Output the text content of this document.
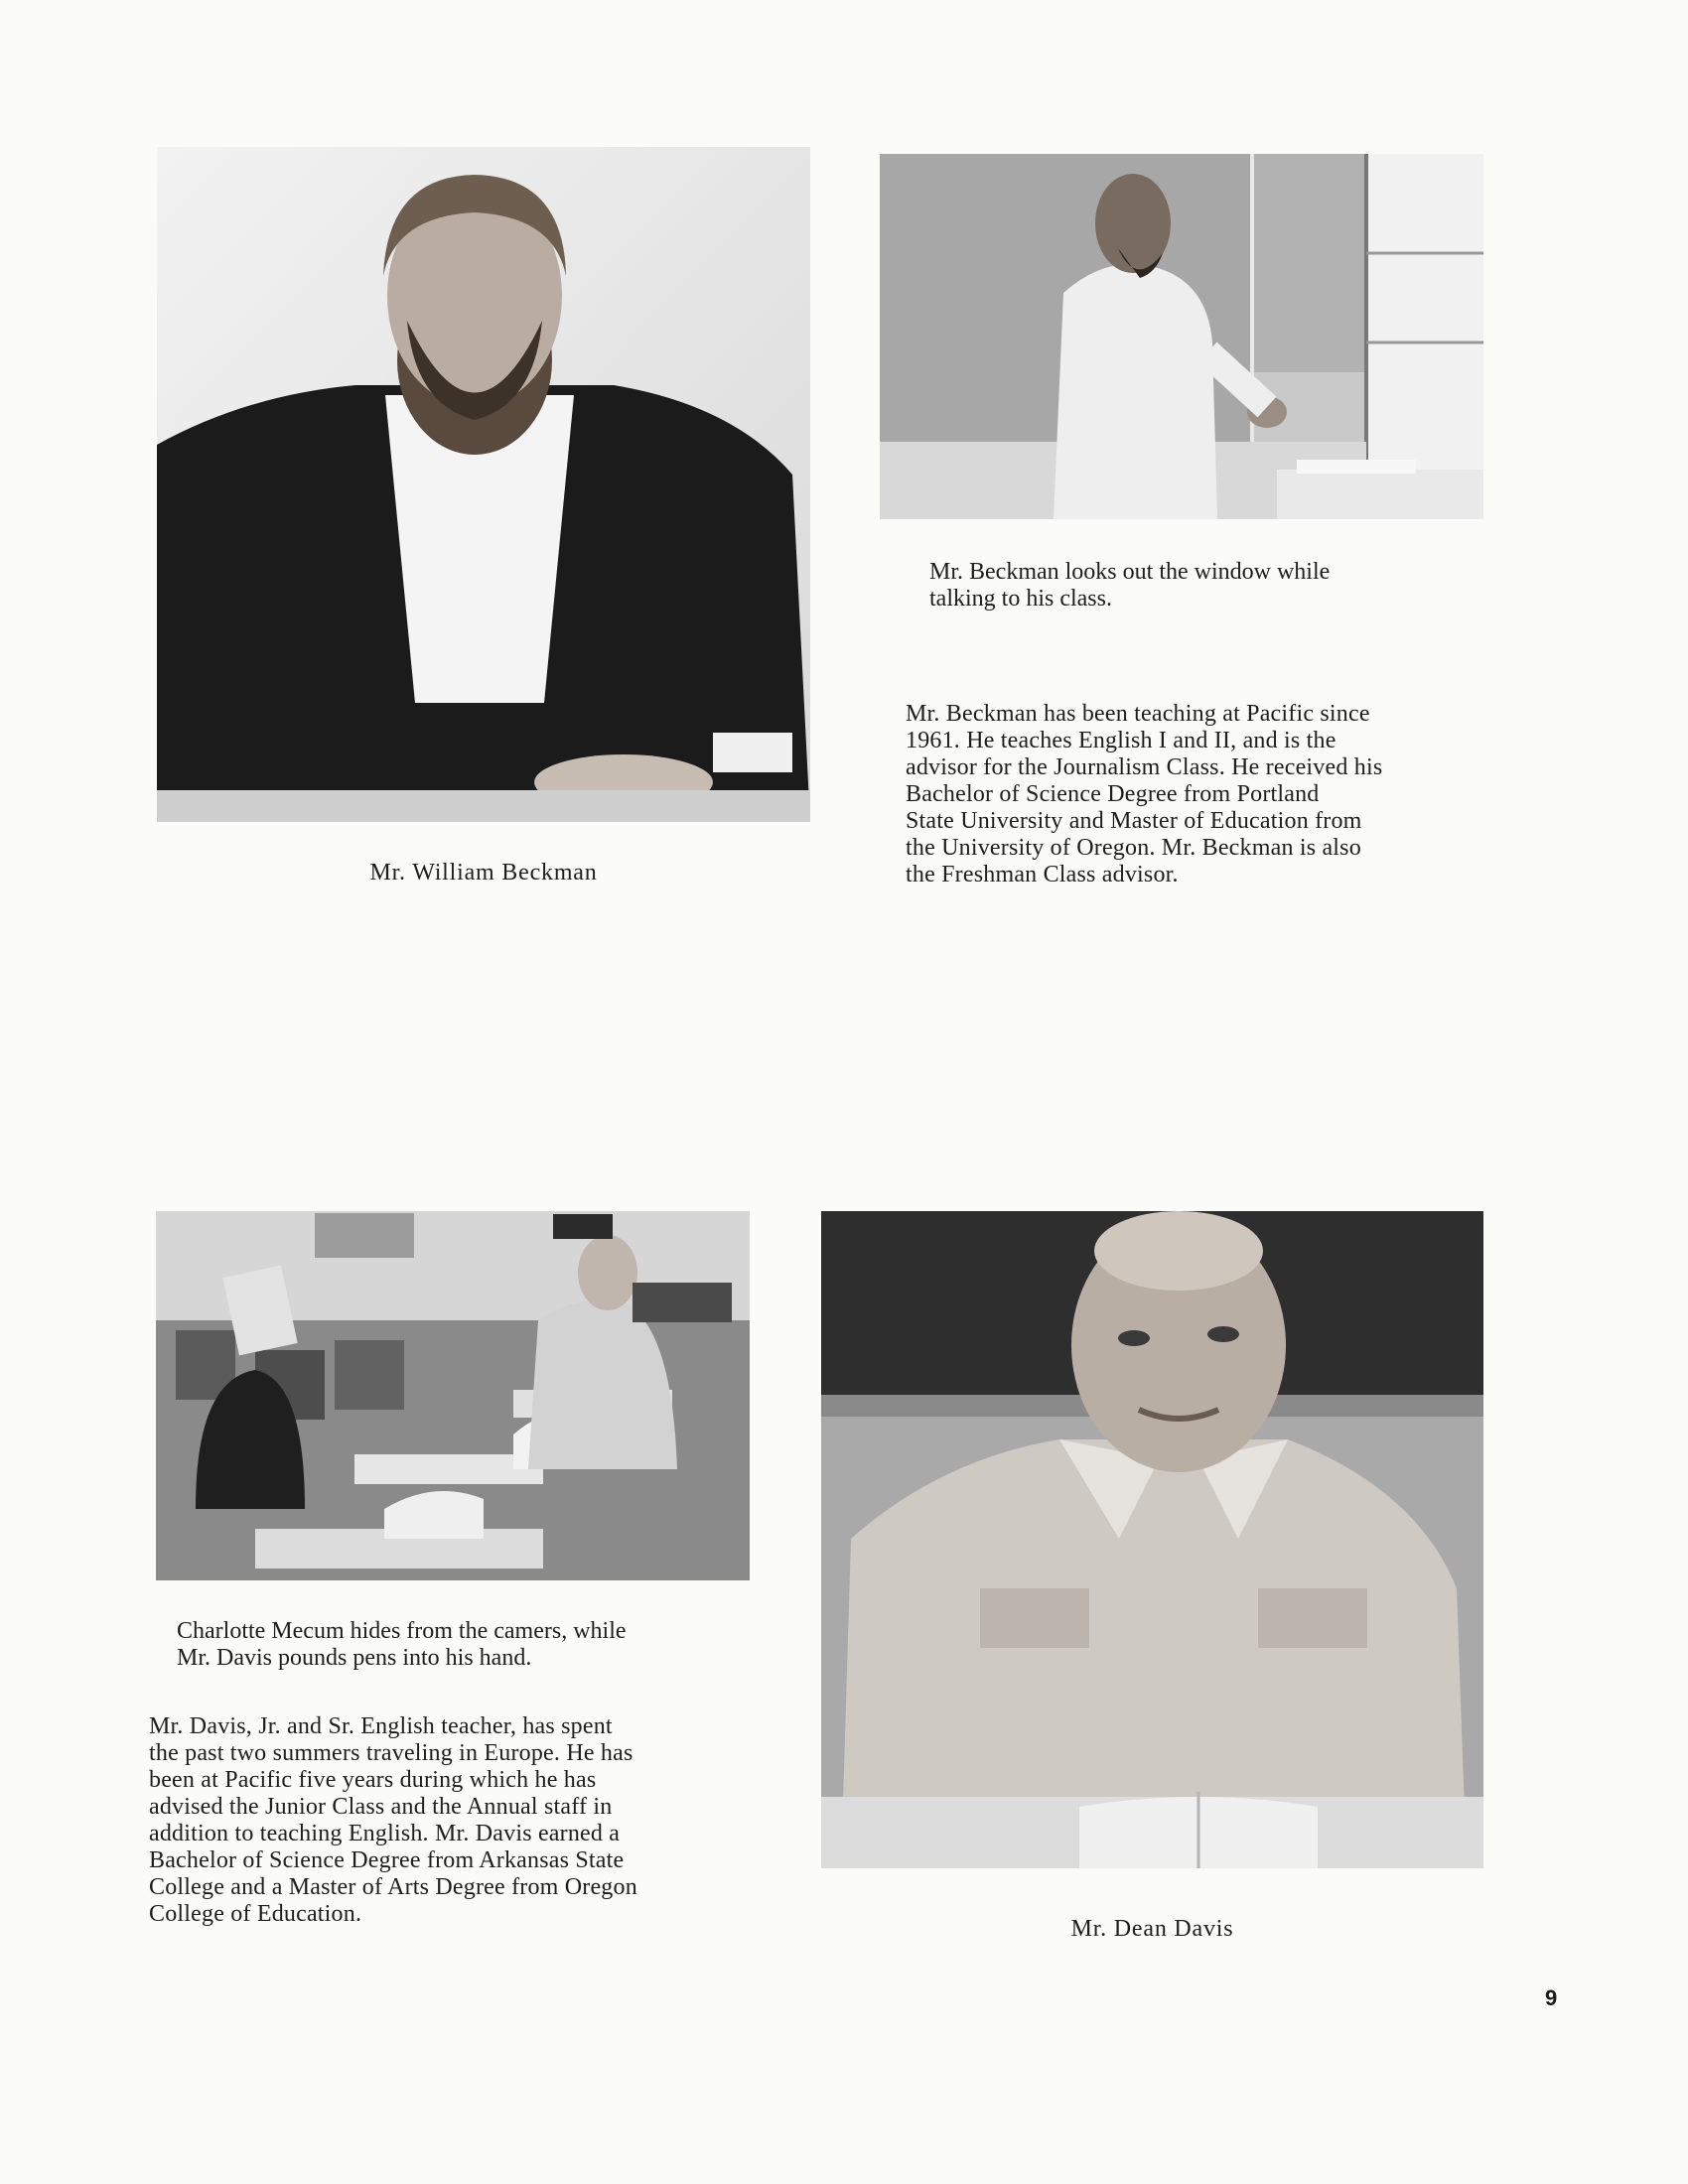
Mr. William Beckman

Mr. Beckman looks out the window while
talking to his class.

Mr. Beckman has been teaching at Pacific since
1961. He teaches English I and II, and is the
advisor for the Journalism Class. He received his
Bachelor of Science Degree from Portland
State University and Master of Education from
the University of Oregon. Mr. Beckman is also
the Freshman Class advisor.

Charlotte Mecum hides from the camers, while
Mr. Davis pounds pens into his hand.

Mr. Davis, Jr. and Sr. English teacher, has spent
the past two summers traveling in Europe. He has
been at Pacific five years during which he has
advised the Junior Class and the Annual staff in
addition to teaching English. Mr. Davis earned a
Bachelor of Science Degree from Arkansas State
College and a Master of Arts Degree from Oregon
College of Education.

Mr. Dean Davis

9
